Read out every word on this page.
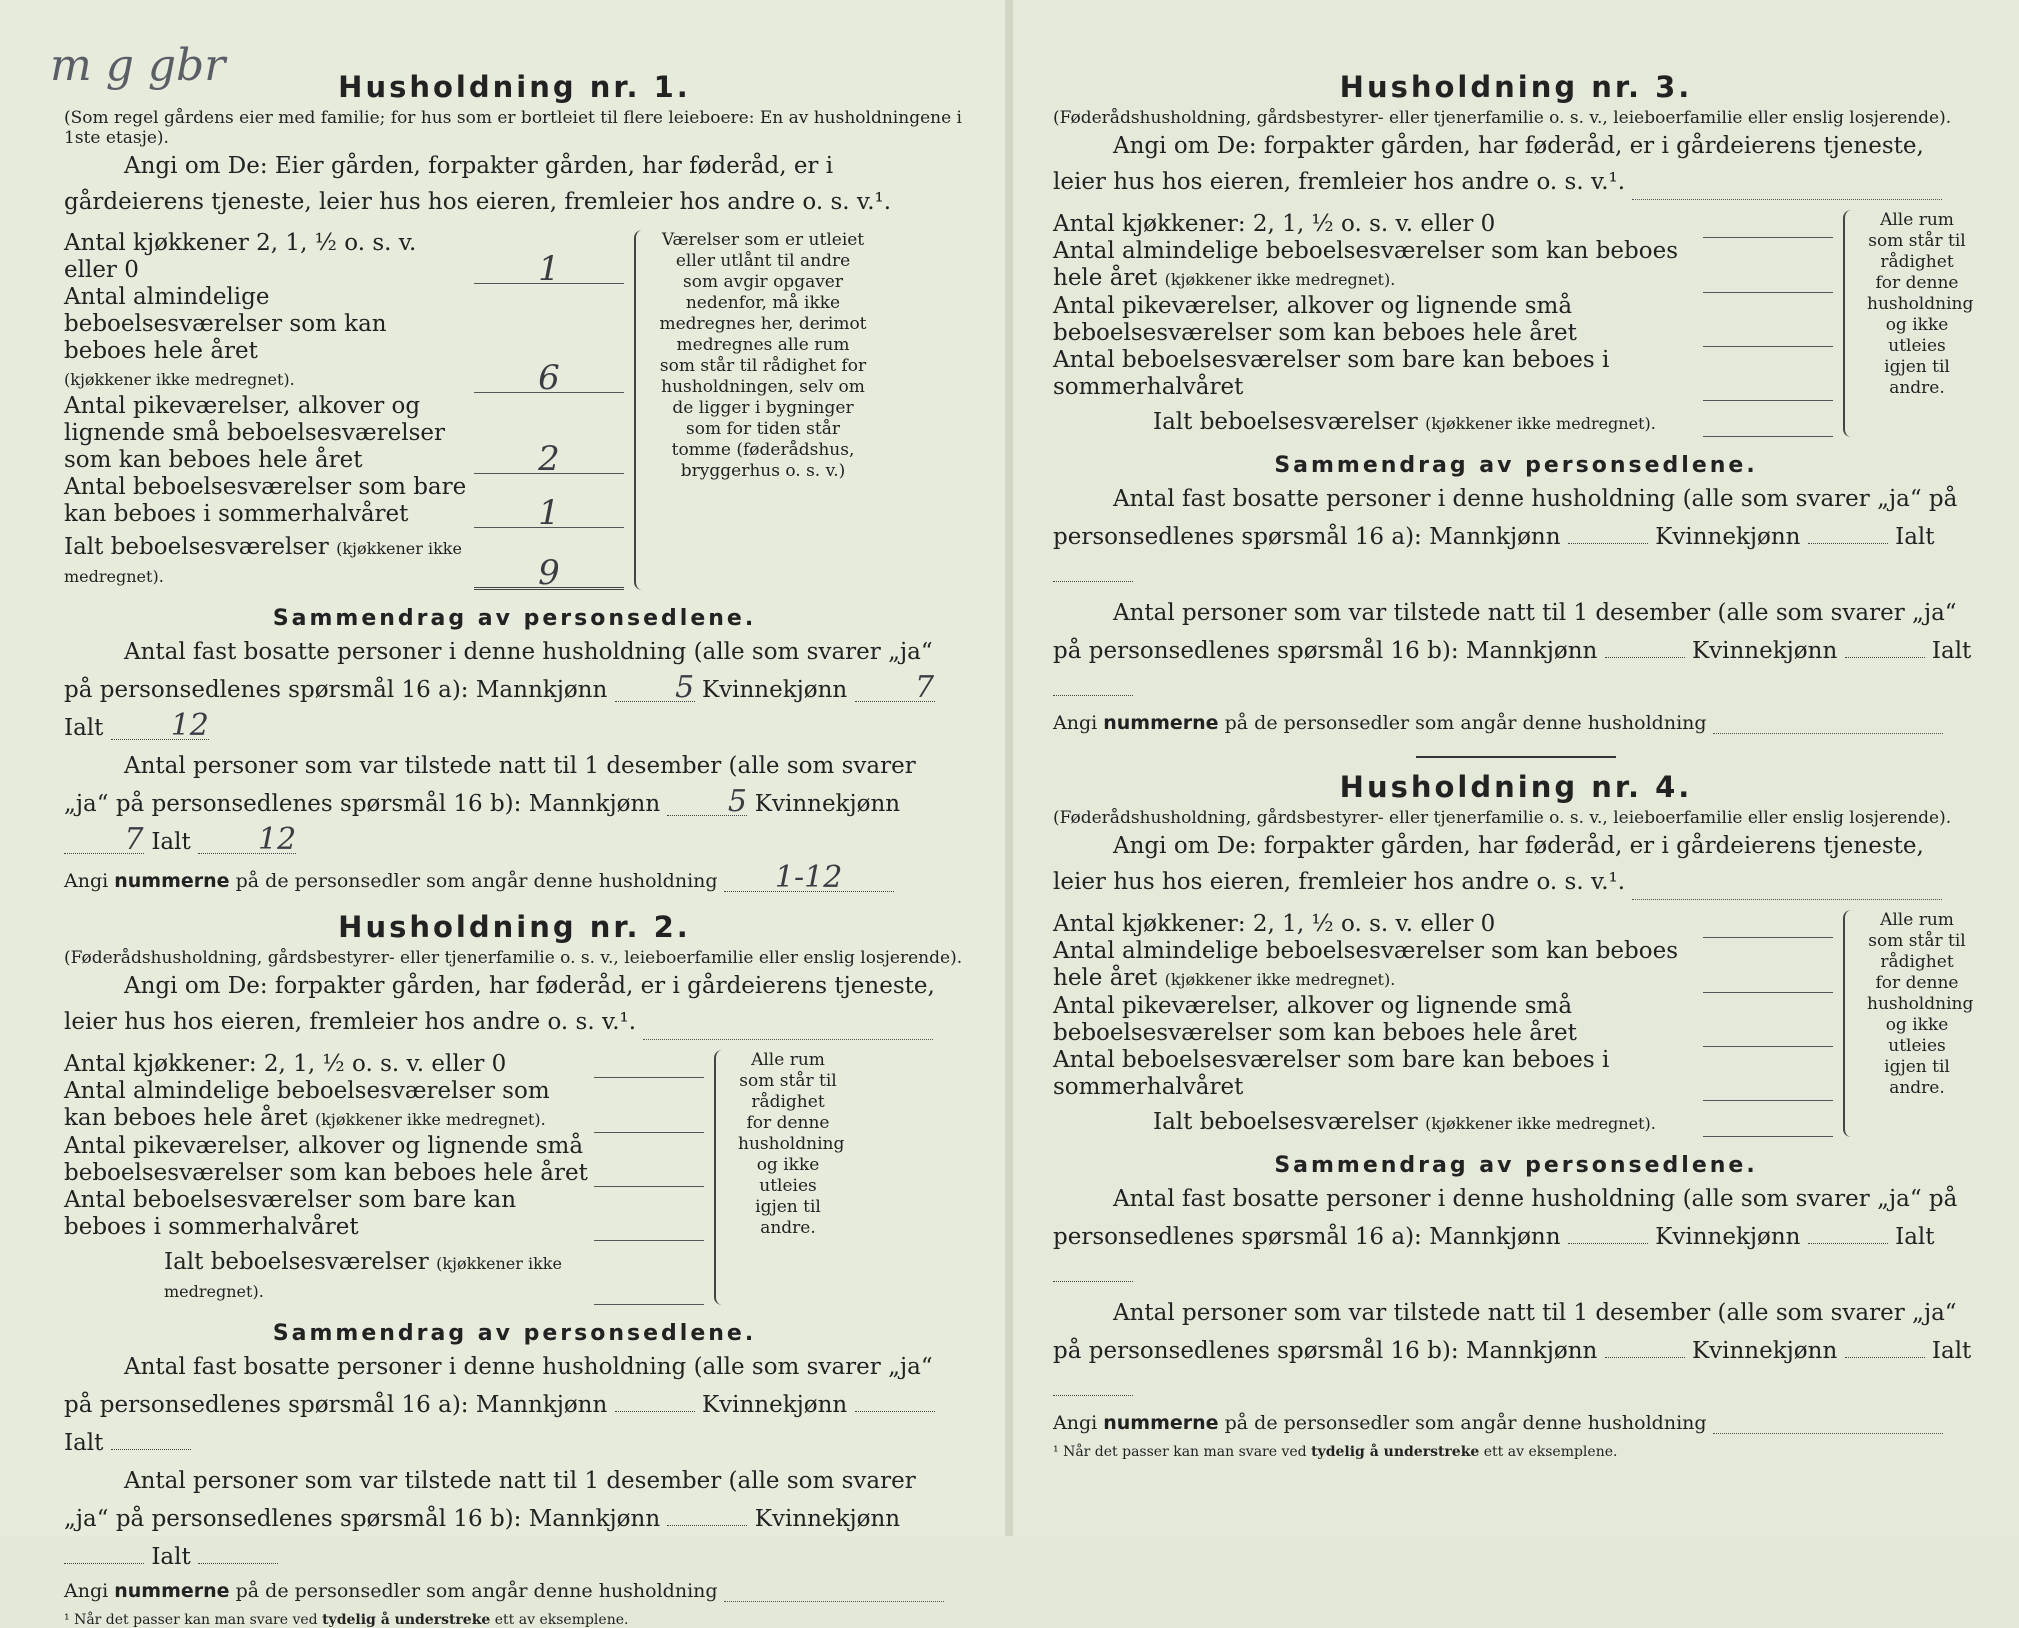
m g gbr	Husholdning nr. 1.

(Som regel gårdens eier med familie; for hus som er bortleiet til flere leieboere: En av husholdningene i 1ste etasje).

Angi om De: Eier gården, forpakter gården, har føderåd, er i gårdeierens tjeneste, leier hus hos eieren, fremleier hos andre o. s. v.¹.

Antal kjøkkener 2, 1, ½ o. s. v. eller 0	1
Antal almindelige beboelsesværelser som kan beboes hele året
(kjøkkener ikke medregnet).	6
Antal pikeværelser, alkover og lignende små beboelsesværelser som kan beboes hele året	2
Antal beboelsesværelser som bare kan beboes i sommerhalvåret	1
Ialt beboelsesværelser (kjøkkener ikke medregnet).	9
Værelser som er utleiet eller utlånt til andre som avgir opgaver nedenfor, må ikke medregnes her, derimot medregnes alle rum som står til rådighet for husholdningen, selv om de ligger i bygninger som for tiden står tomme (føderådshus, bryggerhus o. s. v.)
Sammendrag av personsedlene.

Antal fast bosatte personer i denne husholdning (alle som svarer „ja“ på personsedlenes spørsmål 16 a): Mannkjønn 5 Kvinnekjønn 7 Ialt 12

Antal personer som var tilstede natt til 1 desember (alle som svarer „ja“ på personsedlenes spørsmål 16 b): Mannkjønn 5 Kvinnekjønn 7 Ialt 12

Angi nummerne på de personsedler som angår denne husholdning 1-12
Husholdning nr. 2.

(Føderådshusholdning, gårdsbestyrer- eller tjenerfamilie o. s. v., leieboerfamilie eller enslig losjerende).

Angi om De: forpakter gården, har føderåd, er i gårdeierens tjeneste,
leier hus hos eieren, fremleier hos andre o. s. v.¹.

Antal kjøkkener: 2, 1, ½ o. s. v. eller 0
Antal almindelige beboelsesværelser som kan beboes hele året (kjøkkener ikke medregnet).
Antal pikeværelser, alkover og lignende små beboelsesværelser som kan beboes hele året
Antal beboelsesværelser som bare kan beboes i sommerhalvåret
Ialt beboelsesværelser (kjøkkener ikke medregnet).
Alle rum som står til rådighet for denne husholdning og ikke utleies igjen til andre.
Sammendrag av personsedlene.

Antal fast bosatte personer i denne husholdning (alle som svarer „ja“ på personsedlenes spørsmål 16 a): Mannkjønn	Kvinnekjønn  Ialt

Antal personer som var tilstede natt til 1 desember (alle som svarer „ja“ på personsedlenes spørsmål 16 b): Mannkjønn	Kvinnekjønn  Ialt

Angi nummerne på de personsedler som angår denne husholdning
¹ Når det passer kan man svare ved tydelig å understreke ett av eksemplene.
Husholdning nr. 3.

(Føderådshusholdning, gårdsbestyrer- eller tjenerfamilie o. s. v., leieboerfamilie eller enslig losjerende).

Angi om De: forpakter gården, har føderåd, er i gårdeierens tjeneste,
leier hus hos eieren, fremleier hos andre o. s. v.¹.

Antal kjøkkener: 2, 1, ½ o. s. v. eller 0
Antal almindelige beboelsesværelser som kan beboes hele året (kjøkkener ikke medregnet).
Antal pikeværelser, alkover og lignende små beboelsesværelser som kan beboes hele året
Antal beboelsesværelser som bare kan beboes i sommerhalvåret
Ialt beboelsesværelser (kjøkkener ikke medregnet).
Alle rum som står til rådighet for denne husholdning og ikke utleies igjen til andre.
Sammendrag av personsedlene.

Antal fast bosatte personer i denne husholdning (alle som svarer „ja“ på personsedlenes spørsmål 16 a): Mannkjønn	Kvinnekjønn	Ialt

Antal personer som var tilstede natt til 1 desember (alle som svarer „ja“ på personsedlenes spørsmål 16 b): Mannkjønn	Kvinnekjønn	Ialt

Angi nummerne på de personsedler som angår denne husholdning
Husholdning nr. 4.

(Føderådshusholdning, gårdsbestyrer- eller tjenerfamilie o. s. v., leieboerfamilie eller enslig losjerende).

Angi om De: forpakter gården, har føderåd, er i gårdeierens tjeneste,
leier hus hos eieren, fremleier hos andre o. s. v.¹.

Antal kjøkkener: 2, 1, ½ o. s. v. eller 0
Antal almindelige beboelsesværelser som kan beboes hele året (kjøkkener ikke medregnet).
Antal pikeværelser, alkover og lignende små beboelsesværelser som kan beboes hele året
Antal beboelsesværelser som bare kan beboes i sommerhalvåret
Ialt beboelsesværelser (kjøkkener ikke medregnet).
Alle rum som står til rådighet for denne husholdning og ikke utleies igjen til andre.
Sammendrag av personsedlene.

Antal fast bosatte personer i denne husholdning (alle som svarer „ja“ på personsedlenes spørsmål 16 a): Mannkjønn	Kvinnekjønn	Ialt

Antal personer som var tilstede natt til 1 desember (alle som svarer „ja“ på personsedlenes spørsmål 16 b): Mannkjønn	Kvinnekjønn	Ialt

Angi nummerne på de personsedler som angår denne husholdning
¹ Når det passer kan man svare ved tydelig å understreke ett av eksemplene.
